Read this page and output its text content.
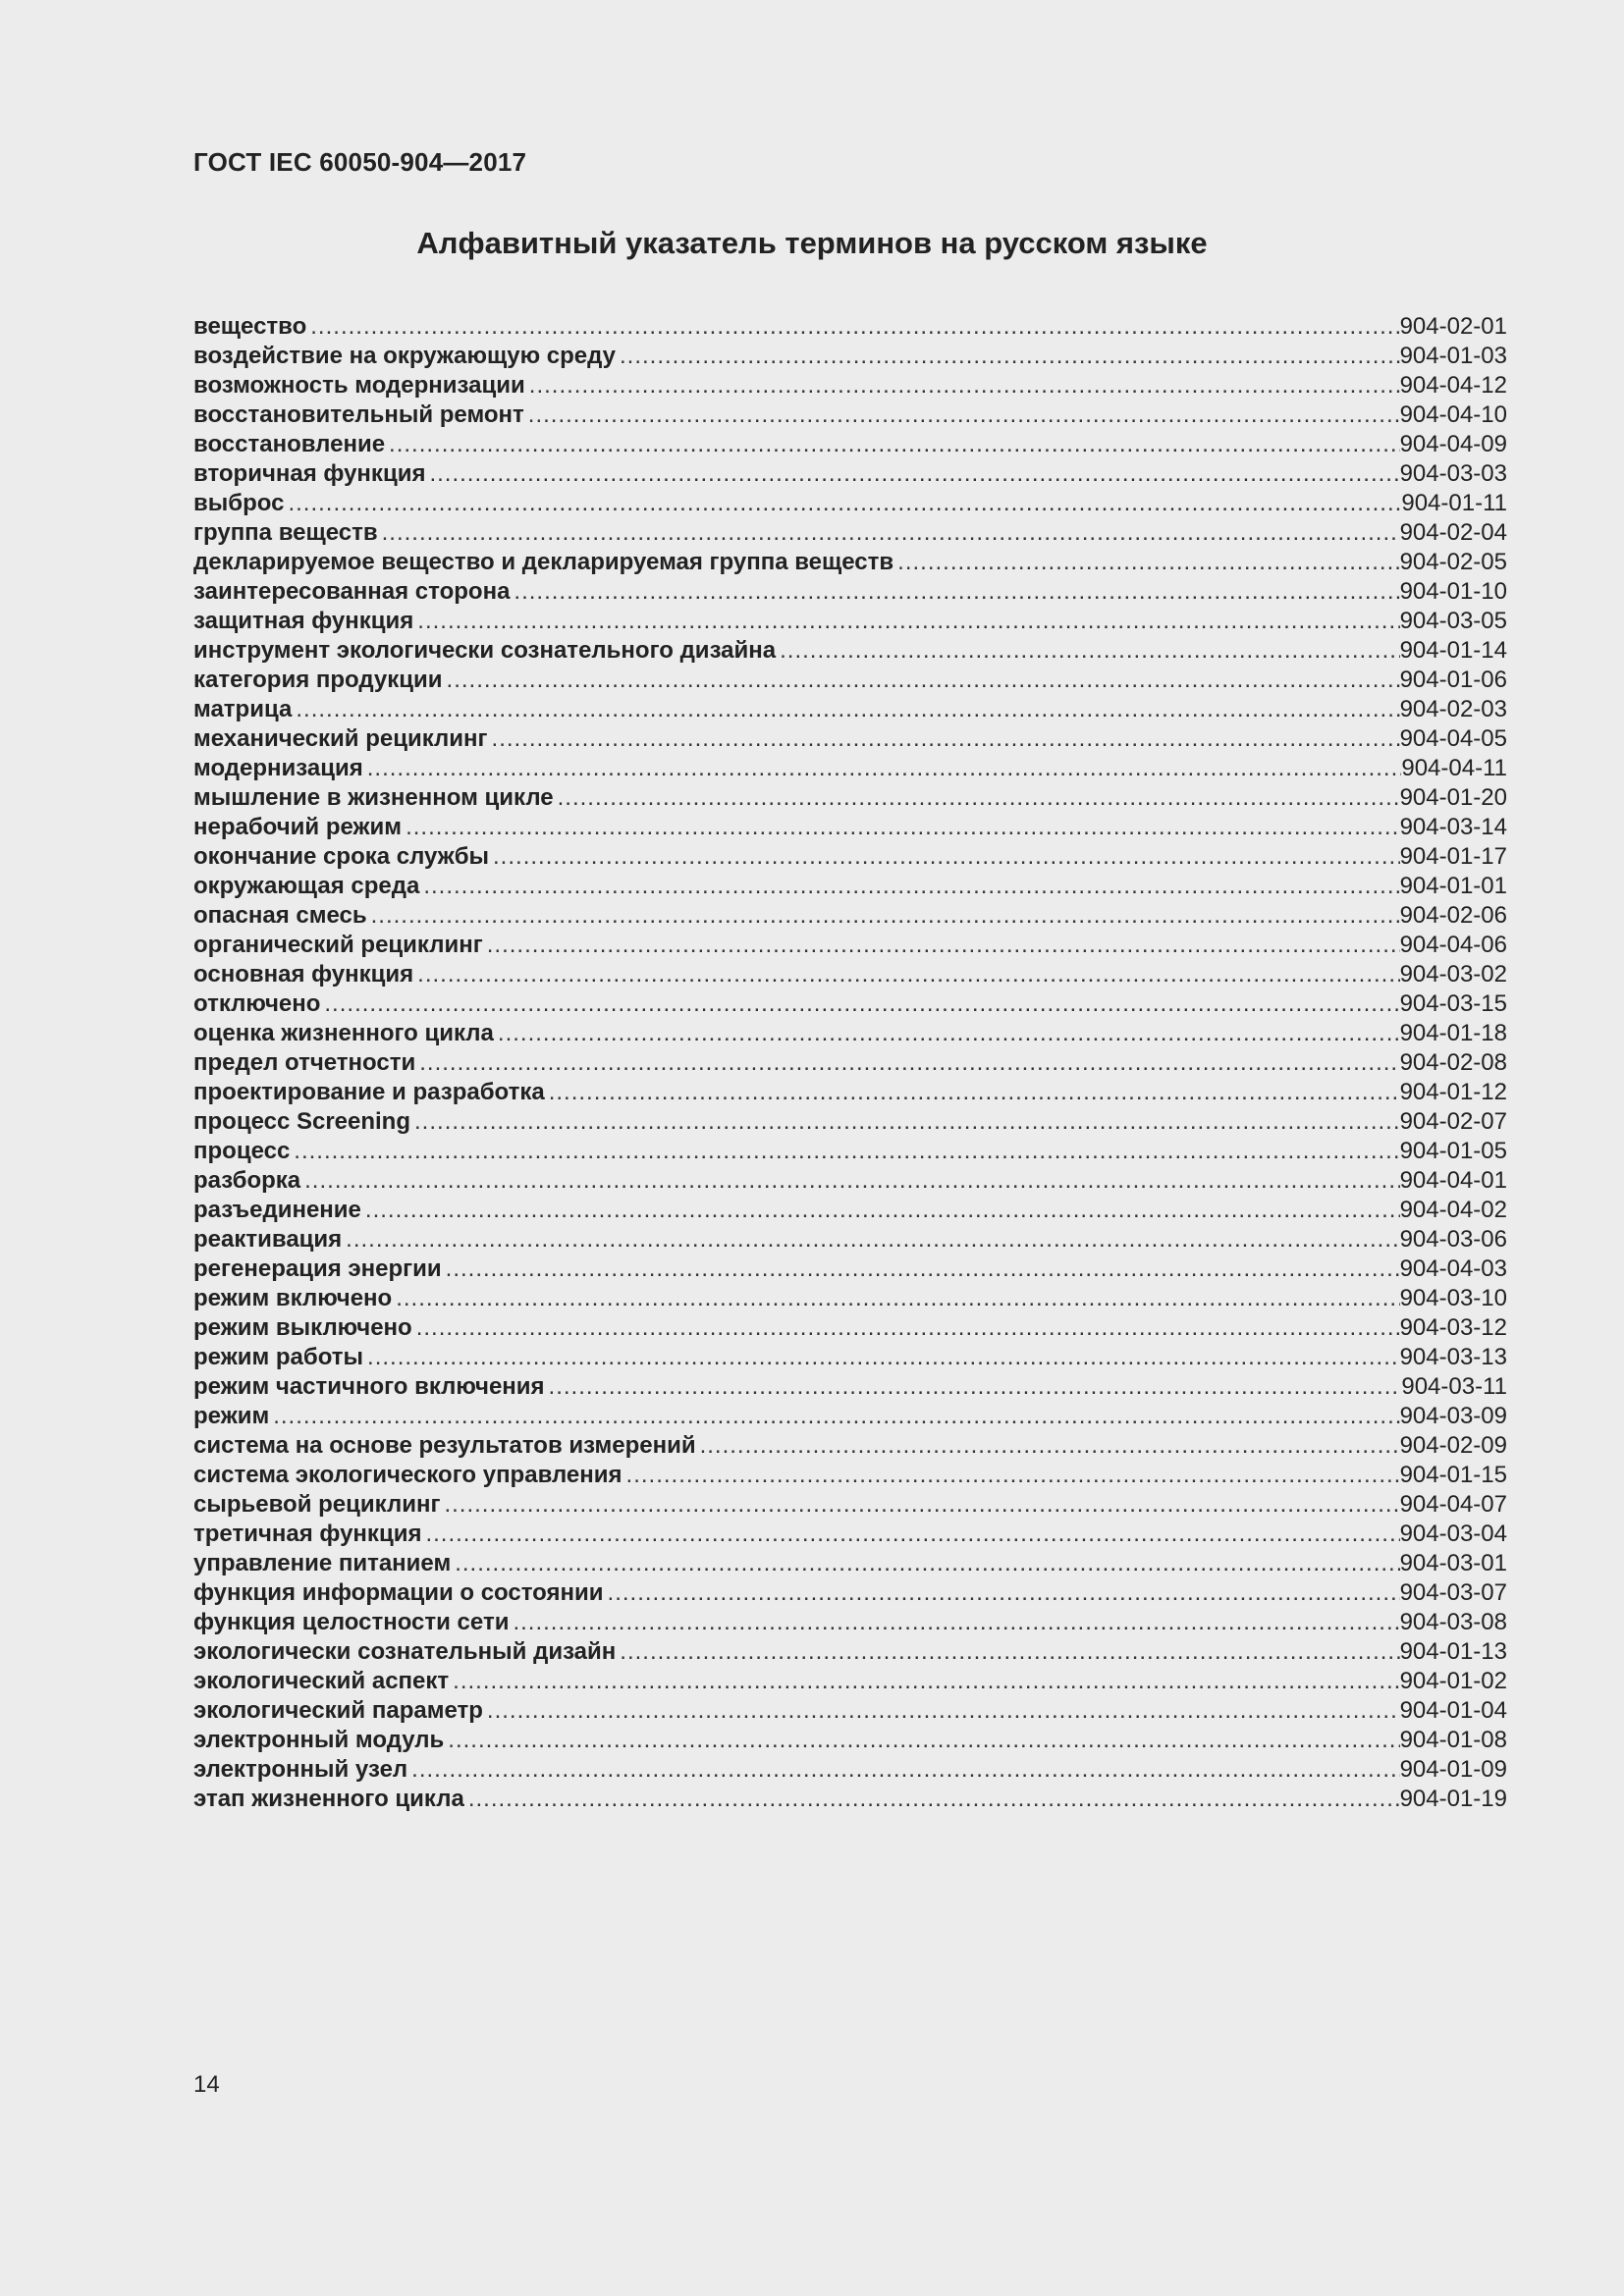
ГОСТ IEC 60050-904—2017
Алфавитный указатель терминов на русском языке
вещество .....	904-02-01
воздействие на окружающую среду .....	904-01-03
возможность модернизации .....	904-04-12
восстановительный ремонт .....	904-04-10
восстановление .....	904-04-09
вторичная функция .....	904-03-03
выброс .....	904-01-11
группа веществ .....	904-02-04
декларируемое вещество и декларируемая группа веществ .....	904-02-05
заинтересованная сторона .....	904-01-10
защитная функция .....	904-03-05
инструмент экологически сознательного дизайна .....	904-01-14
категория продукции .....	904-01-06
матрица .....	904-02-03
механический рециклинг .....	904-04-05
модернизация .....	904-04-11
мышление в жизненном цикле .....	904-01-20
нерабочий режим .....	904-03-14
окончание срока службы .....	904-01-17
окружающая среда .....	904-01-01
опасная смесь .....	904-02-06
органический рециклинг .....	904-04-06
основная функция .....	904-03-02
отключено .....	904-03-15
оценка жизненного цикла .....	904-01-18
предел отчетности .....	904-02-08
проектирование и разработка .....	904-01-12
процесс Screening .....	904-02-07
процесс .....	904-01-05
разборка .....	904-04-01
разъединение .....	904-04-02
реактивация .....	904-03-06
регенерация энергии .....	904-04-03
режим включено .....	904-03-10
режим выключено .....	904-03-12
режим работы .....	904-03-13
режим частичного включения .....	904-03-11
режим .....	904-03-09
система на основе результатов измерений .....	904-02-09
система экологического управления .....	904-01-15
сырьевой рециклинг .....	904-04-07
третичная функция .....	904-03-04
управление питанием .....	904-03-01
функция информации о состоянии .....	904-03-07
функция целостности сети .....	904-03-08
экологически сознательный дизайн .....	904-01-13
экологический аспект .....	904-01-02
экологический параметр .....	904-01-04
электронный модуль .....	904-01-08
электронный узел .....	904-01-09
этап жизненного цикла .....	904-01-19
14
